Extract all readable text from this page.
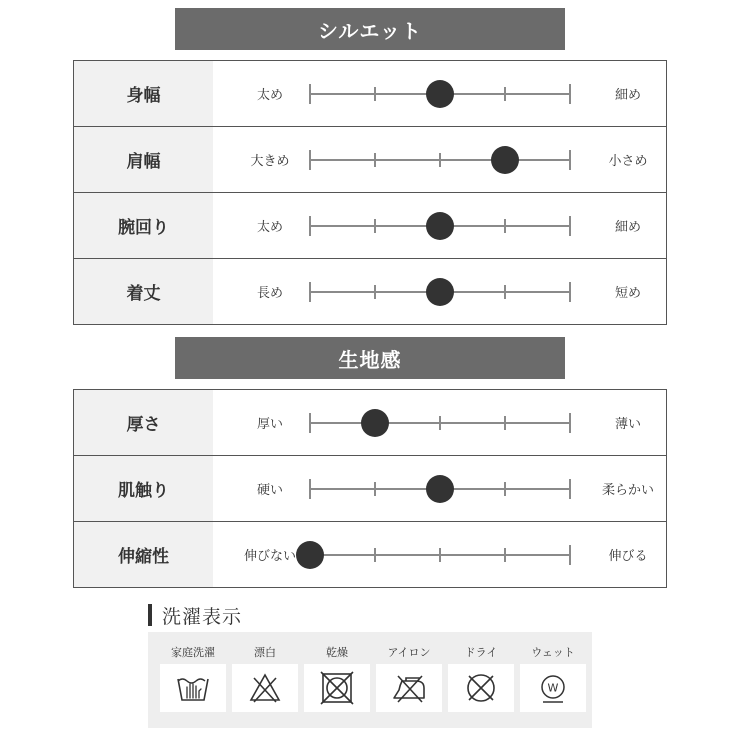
シルエット
身幅	太め	細め
肩幅	大きめ	小さめ
腕回り	太め	細め
着丈	長め	短め
生地感
厚さ	厚い	薄い
肌触り	硬い	柔らかい
伸縮性	伸びない	伸びる
洗濯表示
家庭洗濯	漂白	乾燥	アイロン	ドライ	ウェット
W
